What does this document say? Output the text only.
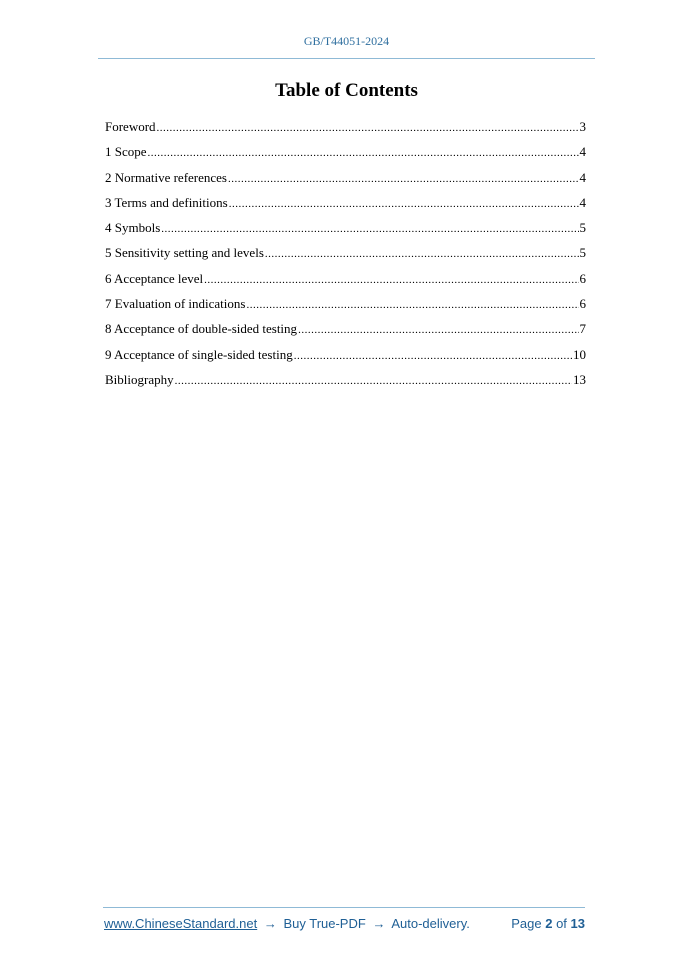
GB/T44051-2024
Table of Contents
Foreword .....	3
1 Scope .....	4
2 Normative references .....	4
3 Terms and definitions .....	4
4 Symbols .....	5
5 Sensitivity setting and levels .....	5
6 Acceptance level .....	6
7 Evaluation of indications .....	6
8 Acceptance of double-sided testing .....	7
9 Acceptance of single-sided testing .....	10
Bibliography .....	13
www.ChineseStandard.net → Buy True-PDF → Auto-delivery.	Page 2 of 13
